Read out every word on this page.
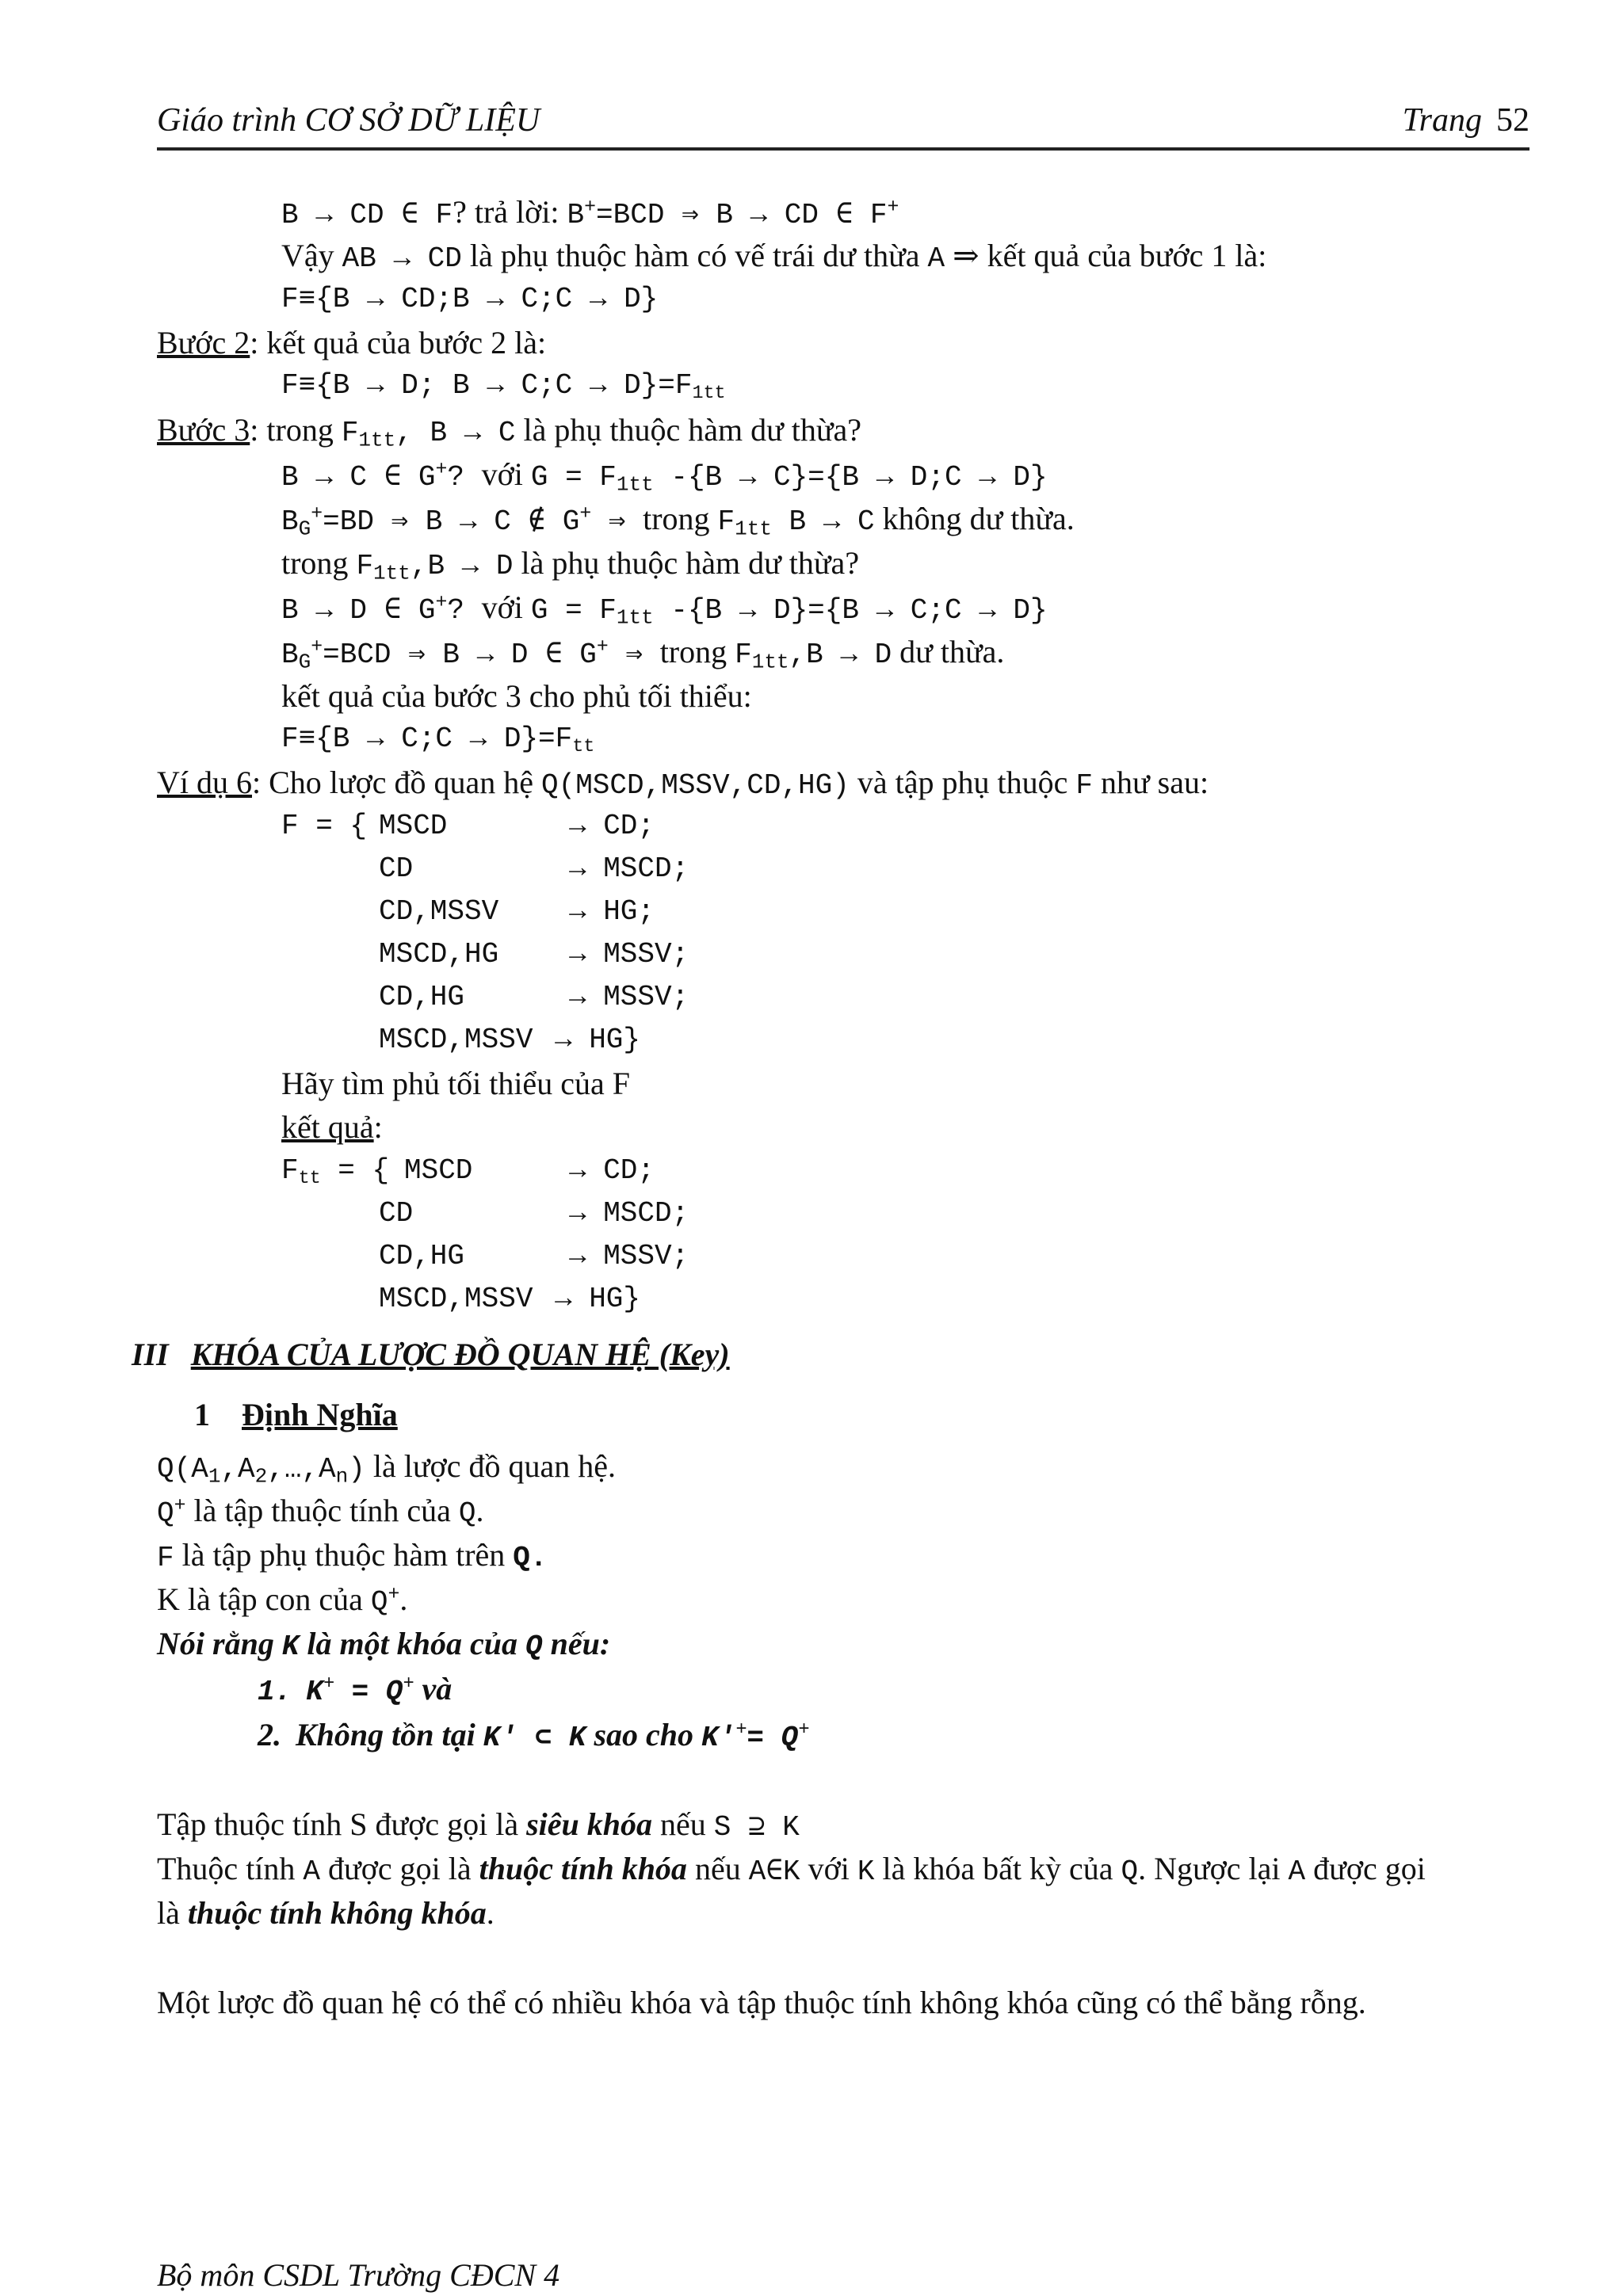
Giáo trình CƠ SỞ DỮ LIỆU	Trang 52
B → CD ∈ F? trả lời: B+=BCD ⇒ B → CD ∈ F+
Vậy AB → CD là phụ thuộc hàm có vế trái dư thừa A ⇒ kết quả của bước 1 là:
F≡{B → CD;B → C;C → D}
Bước 2: kết quả của bước 2 là:
F≡{B → D; B → C;C → $D\}=F_{1tt}$
Bước 3: trong $F_{1tt}$, B → C là phụ thuộc hàm dư thừa?
B → C ∈ G+? với $G = F_{1tt}$ -{B → C}={B → D;C → D}
$B_G^+=BD$ ⇒ B → C ∉ G+ ⇒ trong $F_{1tt}$ B → C không dư thừa.
trong $F_{1tt},B \to D$ là phụ thuộc hàm dư thừa?
B → D ∈ G+? với $G = F_{1tt}$ -{B → D}={B → C;C → D}
$B_G^+=BCD$ ⇒ B → D ∈ G+ ⇒ trong $F_{1tt},B \to D$ dư thừa.
kết quả của bước 3 cho phủ tối thiểu:
F≡{B → C;C → $D\}=F_{tt}$
Ví dụ 6: Cho lược đồ quan hệ Q(MSCD,MSSV,CD,HG) và tập phụ thuộc F như sau:
F = { MSCD	→ CD;
CD	→ MSCD;
CD,MSSV → HG;
MSCD,HG → MSSV;
CD,HG	→ MSSV;
MSCD,MSSV → HG}
Hãy tìm phủ tối thiểu của F
kết quả:
$F_{tt}$ = { MSCD	→ CD;
CD	→ MSCD;
CD,HG	→ MSSV;
MSCD,MSSV → HG}
III KHÓA CỦA LƯỢC ĐỒ QUAN HỆ (Key)
1 Định Nghĩa
$Q(A_1,A_2,\dots,A_n)$ là lược đồ quan hệ.
Q+ là tập thuộc tính của Q.
F là tập phụ thuộc hàm trên Q.
K là tập con của Q+.
Nói rằng K là một khóa của Q nếu:
1. K+ = Q+ và
2. Không tồn tại K' ⊂ K sao cho K'+= Q+
Tập thuộc tính S được gọi là siêu khóa nếu S ⊇ K
Thuộc tính A được gọi là thuộc tính khóa nếu A∈K với K là khóa bất kỳ của Q. Ngược lại A được gọi
là thuộc tính không khóa.
Một lược đồ quan hệ có thể có nhiều khóa và tập thuộc tính không khóa cũng có thể bằng rỗng.
Bộ môn CSDL Trường CĐCN 4
